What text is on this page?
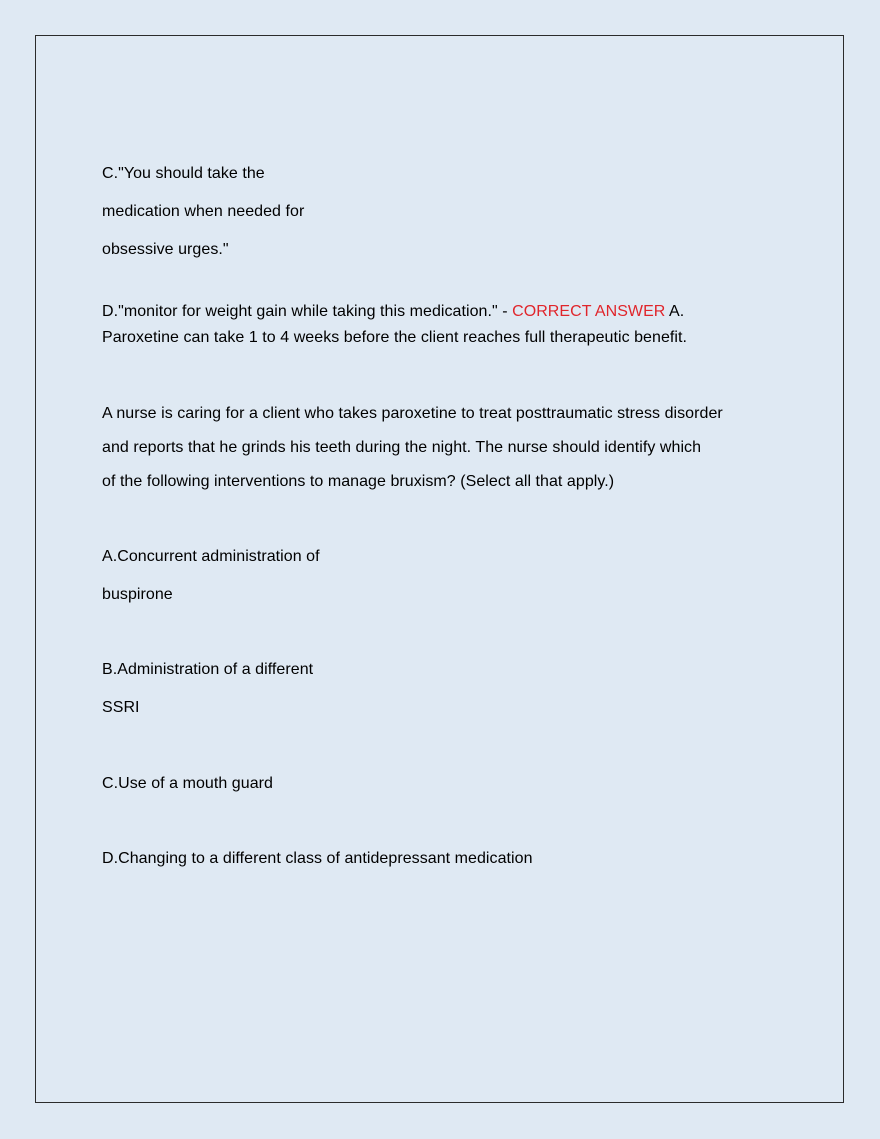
C."You should take the
medication when needed for
obsessive urges."
D."monitor for weight gain while taking this medication." - CORRECT ANSWER A.
Paroxetine can take 1 to 4 weeks before the client reaches full therapeutic benefit.
A nurse is caring for a client who takes paroxetine to treat posttraumatic stress disorder
and reports that he grinds his teeth during the night. The nurse should identify which
of the following interventions to manage bruxism? (Select all that apply.)
A.Concurrent administration of
buspirone
B.Administration of a different
SSRI
C.Use of a mouth guard
D.Changing to a different class of antidepressant medication
